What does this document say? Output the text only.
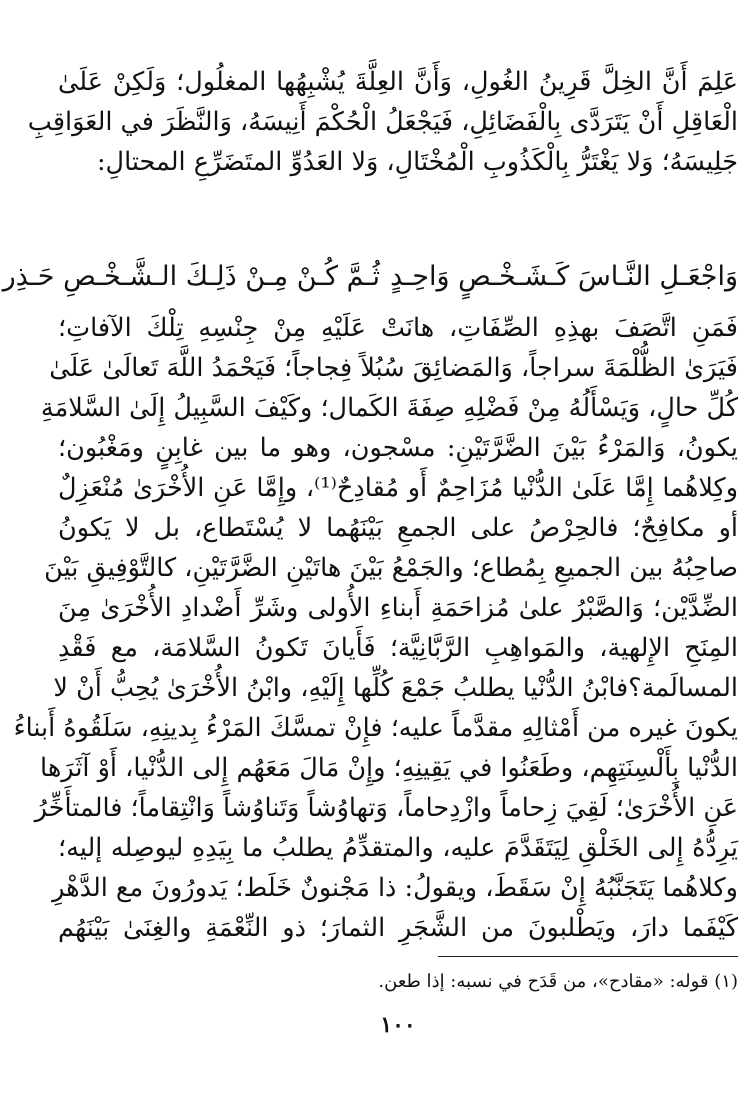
عَلِمَ أَنَّ الخِلَّ قَرِينُ الغُولِ، وَأَنَّ العِلَّةَ يُشْبِهُها المغلُول؛ وَلَكِنْ عَلَىٰ
الْعَاقِلِ أَنْ يَتَرَدَّى بِالْفَضَائِلِ، فَيَجْعَلُ الْحُكْمَ أَنِيسَهُ، وَالنَّظَرَ في العَوَاقِبِ
جَلِيسَهُ؛ وَلا يَغْتَرُّ بِالْكَذُوبِ الْمُخْتَالِ، وَلا العَدُوِّ المتَضَرِّعِ المحتالِ:
وَاجْعَـلِ النَّـاسَ كَـشَـخْـصٍ وَاحِـدٍ
ثُـمَّ كُـنْ مِـنْ ذَلِـكَ الـشَّـخْـصِ حَـذِر
فَمَنِ اتَّصَفَ بهذِهِ الصِّفَاتِ، هانَتْ عَلَيْهِ مِنْ جِنْسِهِ تِلْكَ الآفاتِ؛
فَيَرَىٰ الظُّلْمَةَ سراجاً، وَالمَضائِقَ سُبُلاً فِجاجاً؛ فَيَحْمَدُ اللَّهَ تَعالَىٰ عَلَىٰ
كُلِّ حالٍ، وَيَسْأَلُهُ مِنْ فَضْلِهِ صِفَةَ الكَمال؛ وكَيْفَ السَّبِيلُ إِلَىٰ السَّلامَةِ
يكونُ، وَالمَرْءُ بَيْنَ الضَّرَّتَيْنِ: مسْجون، وهو ما بين غابِنٍ ومَغْبُون؛
وكِلاهُما إِمَّا عَلَىٰ الدُّنْيا مُزَاحِمٌ أَو مُقادِحٌ⁽¹⁾، وإِمَّا عَنِ الأُخْرَىٰ مُنْعَزِلٌ
أو مكافِحٌ؛ فالحِرْصُ على الجمعِ بَيْنَهُما لا يُسْتَطاع، بل لا يَكونُ
صاحِبُهُ بين الجميعِ بِمُطاع؛ والجَمْعُ بَيْنَ هاتَيْنِ الضَّرَّتَيْنِ، كالتَّوْفِيقِ بَيْنَ
الضِّدَّيْن؛ وَالصَّبْرُ علىٰ مُزاحَمَةِ أَبناءِ الأُولى وشَرِّ أَضْدادِ الأُخْرَىٰ مِنَ
المِنَحِ الإِلهية، والمَواهِبِ الرَّبَّانِيَّة؛ فَأَيانَ تَكونُ السَّلامَة، مع فَقْدِ
المسالَمة؟فابْنُ الدُّنْيا يطلبُ جَمْعَ كُلِّها إِلَيْهِ، وابْنُ الأُخْرَىٰ يُحِبُّ أَنْ لا
يكونَ غيره من أَمْثالِهِ مقدَّماً عليه؛ فإِنْ تمسَّكَ المَرْءُ بِدينِهِ، سَلَقُوهُ أَبناءُ
الدُّنْيا بِأَلْسِنَتِهِم، وطَعَنُوا في يَقِينِهِ؛ وإِنْ مَالَ مَعَهُم إِلى الدُّنْيا، أَوْ آثَرَها
عَنِ الأُخْرَىٰ؛ لَقِيَ زِحاماً وازْدِحاماً، وَتهاوُشاً وَتَناوُشاً وَانْتِقاماً؛ فالمتأَخِّرُ
يَرِدُّهُ إِلى الخَلْقِ لِيَتَقَدَّمَ عليه، والمتقدِّمُ يطلبُ ما بِيَدِهِ ليوصِله إليه؛
وكلاهُما يَتَجَنَّبُهُ إِنْ سَقَطَ، ويقولُ: ذا مَجْنونٌ خَلَط؛ يَدورُونَ مع الدَّهْرِ
كَيْفَما دارَ، ويَطْلبونَ من الشَّجَرِ الثمارَ؛ ذو النِّعْمَةِ والغِنَىٰ بَيْنَهُم
(١) قوله: «مقادح»، من قَدَح في نسبه: إذا طعن.
١٠٠
